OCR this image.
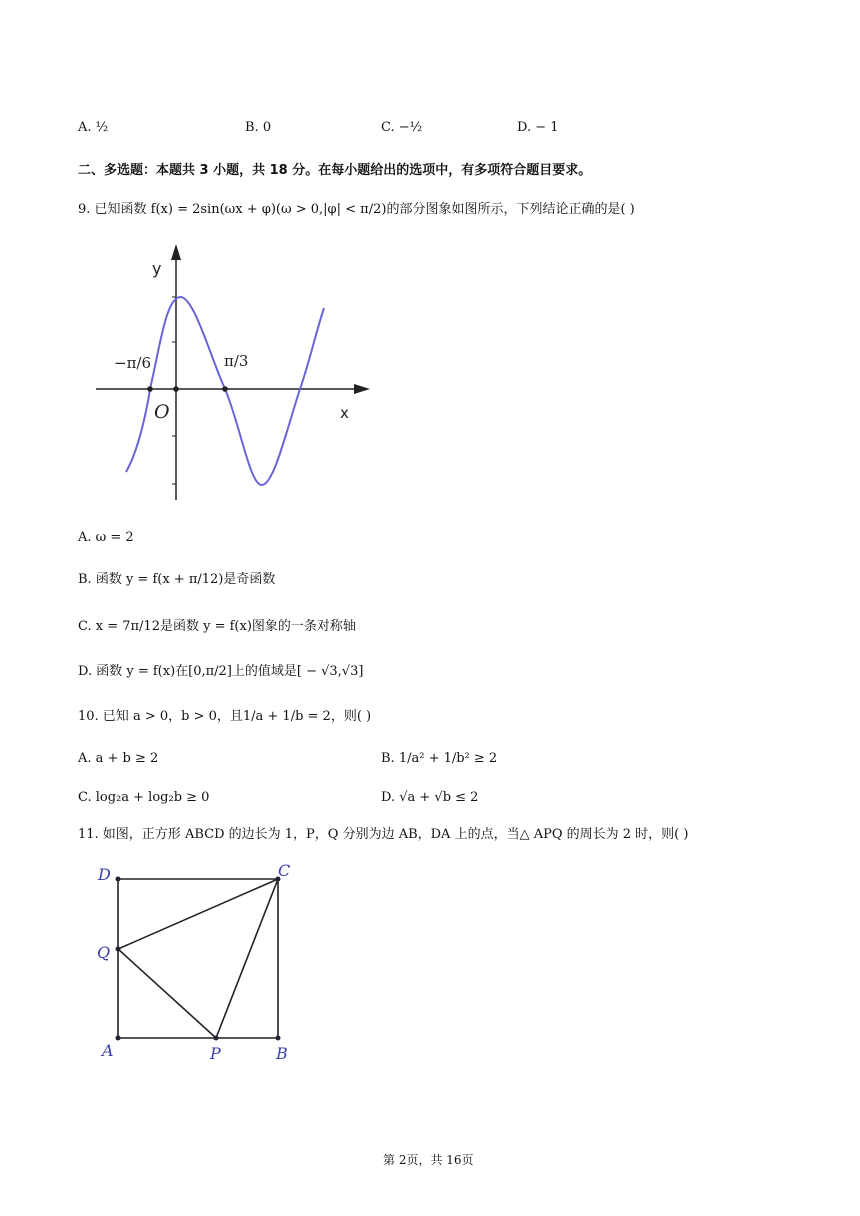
A. ½	B. 0	C. −½	D. − 1
二、多选题：本题共 3 小题，共 18 分。在每小题给出的选项中，有多项符合题目要求。
9. 已知函数 f(x) = 2sin(ωx + φ)(ω > 0,|φ| < π/2)的部分图象如图所示，下列结论正确的是( )
y
x
O
−π/6	π/3
A. ω = 2
B. 函数 y = f(x + π/12)是奇函数
C. x = 7π/12是函数 y = f(x)图象的一条对称轴
D. 函数 y = f(x)在[0,π/2]上的值域是[ − √3,√3]
10. 已知 a > 0，b > 0，且1/a + 1/b = 2，则( )
A. a + b ≥ 2	B. 1/a² + 1/b² ≥ 2
C. log₂a + log₂b ≥ 0	D. √a + √b ≤ 2
11. 如图，正方形 ABCD 的边长为 1，P，Q 分别为边 AB，DA 上的点，当△ APQ 的周长为 2 时，则( )
D	C
Q
A	P	B
第 2页，共 16页
